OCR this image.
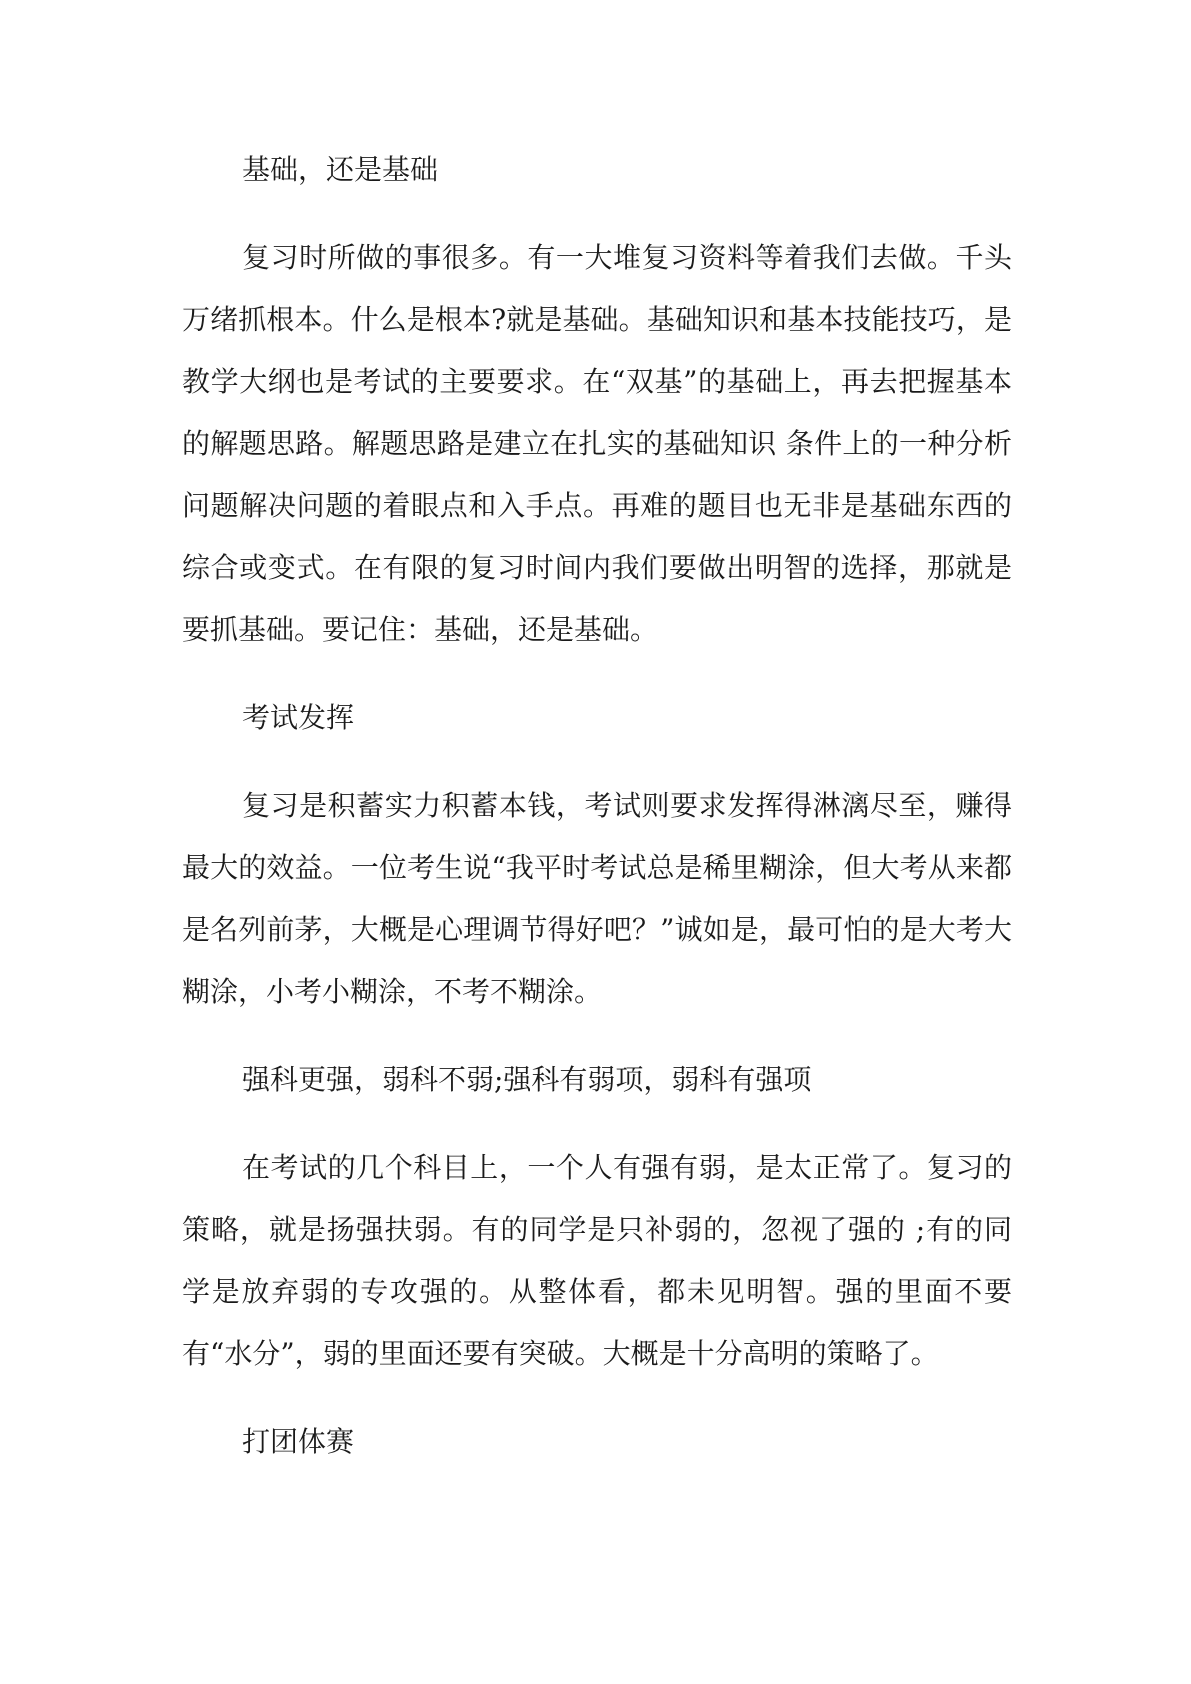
基础，还是基础

复习时所做的事很多。有一大堆复习资料等着我们去做。千头万绪抓根本。什么是根本?就是基础。基础知识和基本技能技巧，是教学大纲也是考试的主要要求。在“双基”的基础上，再去把握基本的解题思路。解题思路是建立在扎实的基础知识 条件上的一种分析问题解决问题的着眼点和入手点。再难的题目也无非是基础东西的综合或变式。在有限的复习时间内我们要做出明智的选择，那就是要抓基础。要记住：基础，还是基础。

考试发挥

复习是积蓄实力积蓄本钱，考试则要求发挥得淋漓尽至，赚得最大的效益。一位考生说“我平时考试总是稀里糊涂，但大考从来都是名列前茅，大概是心理调节得好吧？”诚如是，最可怕的是大考大糊涂，小考小糊涂，不考不糊涂。

强科更强，弱科不弱;强科有弱项，弱科有强项

在考试的几个科目上，一个人有强有弱，是太正常了。复习的策略，就是扬强扶弱。有的同学是只补弱的，忽视了强的 ;有的同学是放弃弱的专攻强的。从整体看，都未见明智。强的里面不要有“水分”，弱的里面还要有突破。大概是十分高明的策略了。

打团体赛
